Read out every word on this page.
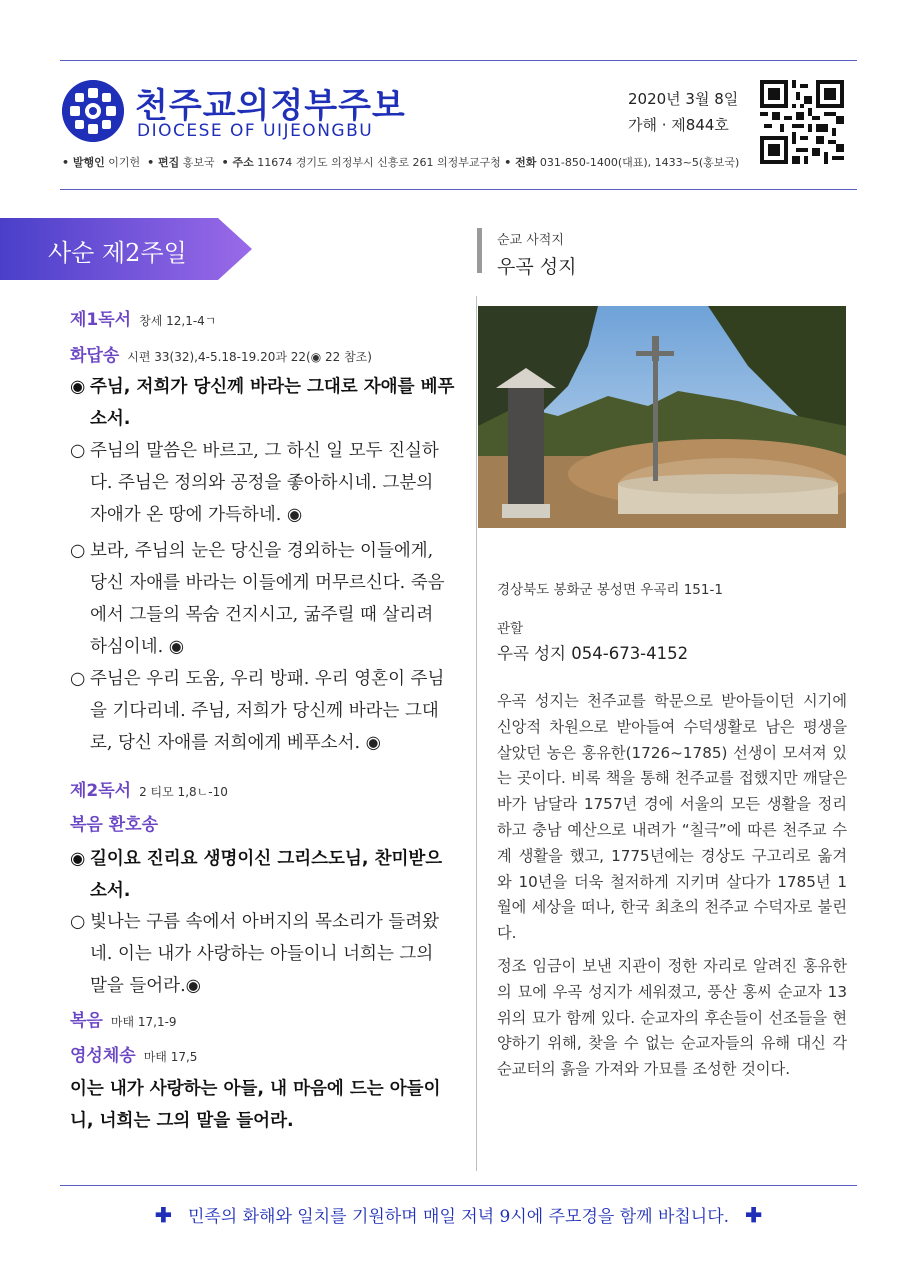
천주교의정부주보
DIOCESE OF UIJEONGBU
2020년 3월 8일
가해 · 제844호
• 발행인 이기헌 • 편집 홍보국 • 주소 11674 경기도 의정부시 신흥로 261 의정부교구청 • 전화 031-850-1400(대표), 1433~5(홍보국)
사순 제2주일
제1독서 창세 12,1-4ㄱ
화답송 시편 33(32),4-5.18-19.20과 22(◉ 22 참조)
◉ 주님, 저희가 당신께 바라는 그대로 자애를 베푸소서.
○ 주님의 말씀은 바르고, 그 하신 일 모두 진실하다. 주님은 정의와 공정을 좋아하시네. 그분의 자애가 온 땅에 가득하네. ◉
○ 보라, 주님의 눈은 당신을 경외하는 이들에게, 당신 자애를 바라는 이들에게 머무르신다. 죽음에서 그들의 목숨 건지시고, 굶주릴 때 살리려 하심이네. ◉
○ 주님은 우리 도움, 우리 방패. 우리 영혼이 주님을 기다리네. 주님, 저희가 당신께 바라는 그대로, 당신 자애를 저희에게 베푸소서. ◉
제2독서 2 티모 1,8ㄴ-10
복음 환호송
◉ 길이요 진리요 생명이신 그리스도님, 찬미받으소서.
○ 빛나는 구름 속에서 아버지의 목소리가 들려왔네. 이는 내가 사랑하는 아들이니 너희는 그의 말을 들어라.◉
복음 마태 17,1-9
영성체송 마태 17,5
이는 내가 사랑하는 아들, 내 마음에 드는 아들이니, 너희는 그의 말을 들어라.
순교 사적지
우곡 성지
경상북도 봉화군 봉성면 우곡리 151-1
관할
우곡 성지 054-673-4152
우곡 성지는 천주교를 학문으로 받아들이던 시기에 신앙적 차원으로 받아들여 수덕생활로 남은 평생을 살았던 농은 홍유한(1726~1785) 선생이 모셔져 있는 곳이다. 비록 책을 통해 천주교를 접했지만 깨달은 바가 남달라 1757년 경에 서울의 모든 생활을 정리하고 충남 예산으로 내려가 “칠극”에 따른 천주교 수계 생활을 했고, 1775년에는 경상도 구고리로 옮겨와 10년을 더욱 철저하게 지키며 살다가 1785년 1월에 세상을 떠나, 한국 최초의 천주교 수덕자로 불린다.
정조 임금이 보낸 지관이 정한 자리로 알려진 홍유한의 묘에 우곡 성지가 세워졌고, 풍산 홍씨 순교자 13위의 묘가 함께 있다. 순교자의 후손들이 선조들을 현양하기 위해, 찾을 수 없는 순교자들의 유해 대신 각 순교터의 흙을 가져와 가묘를 조성한 것이다.
✚ 민족의 화해와 일치를 기원하며 매일 저녁 9시에 주모경을 함께 바칩니다. ✚
